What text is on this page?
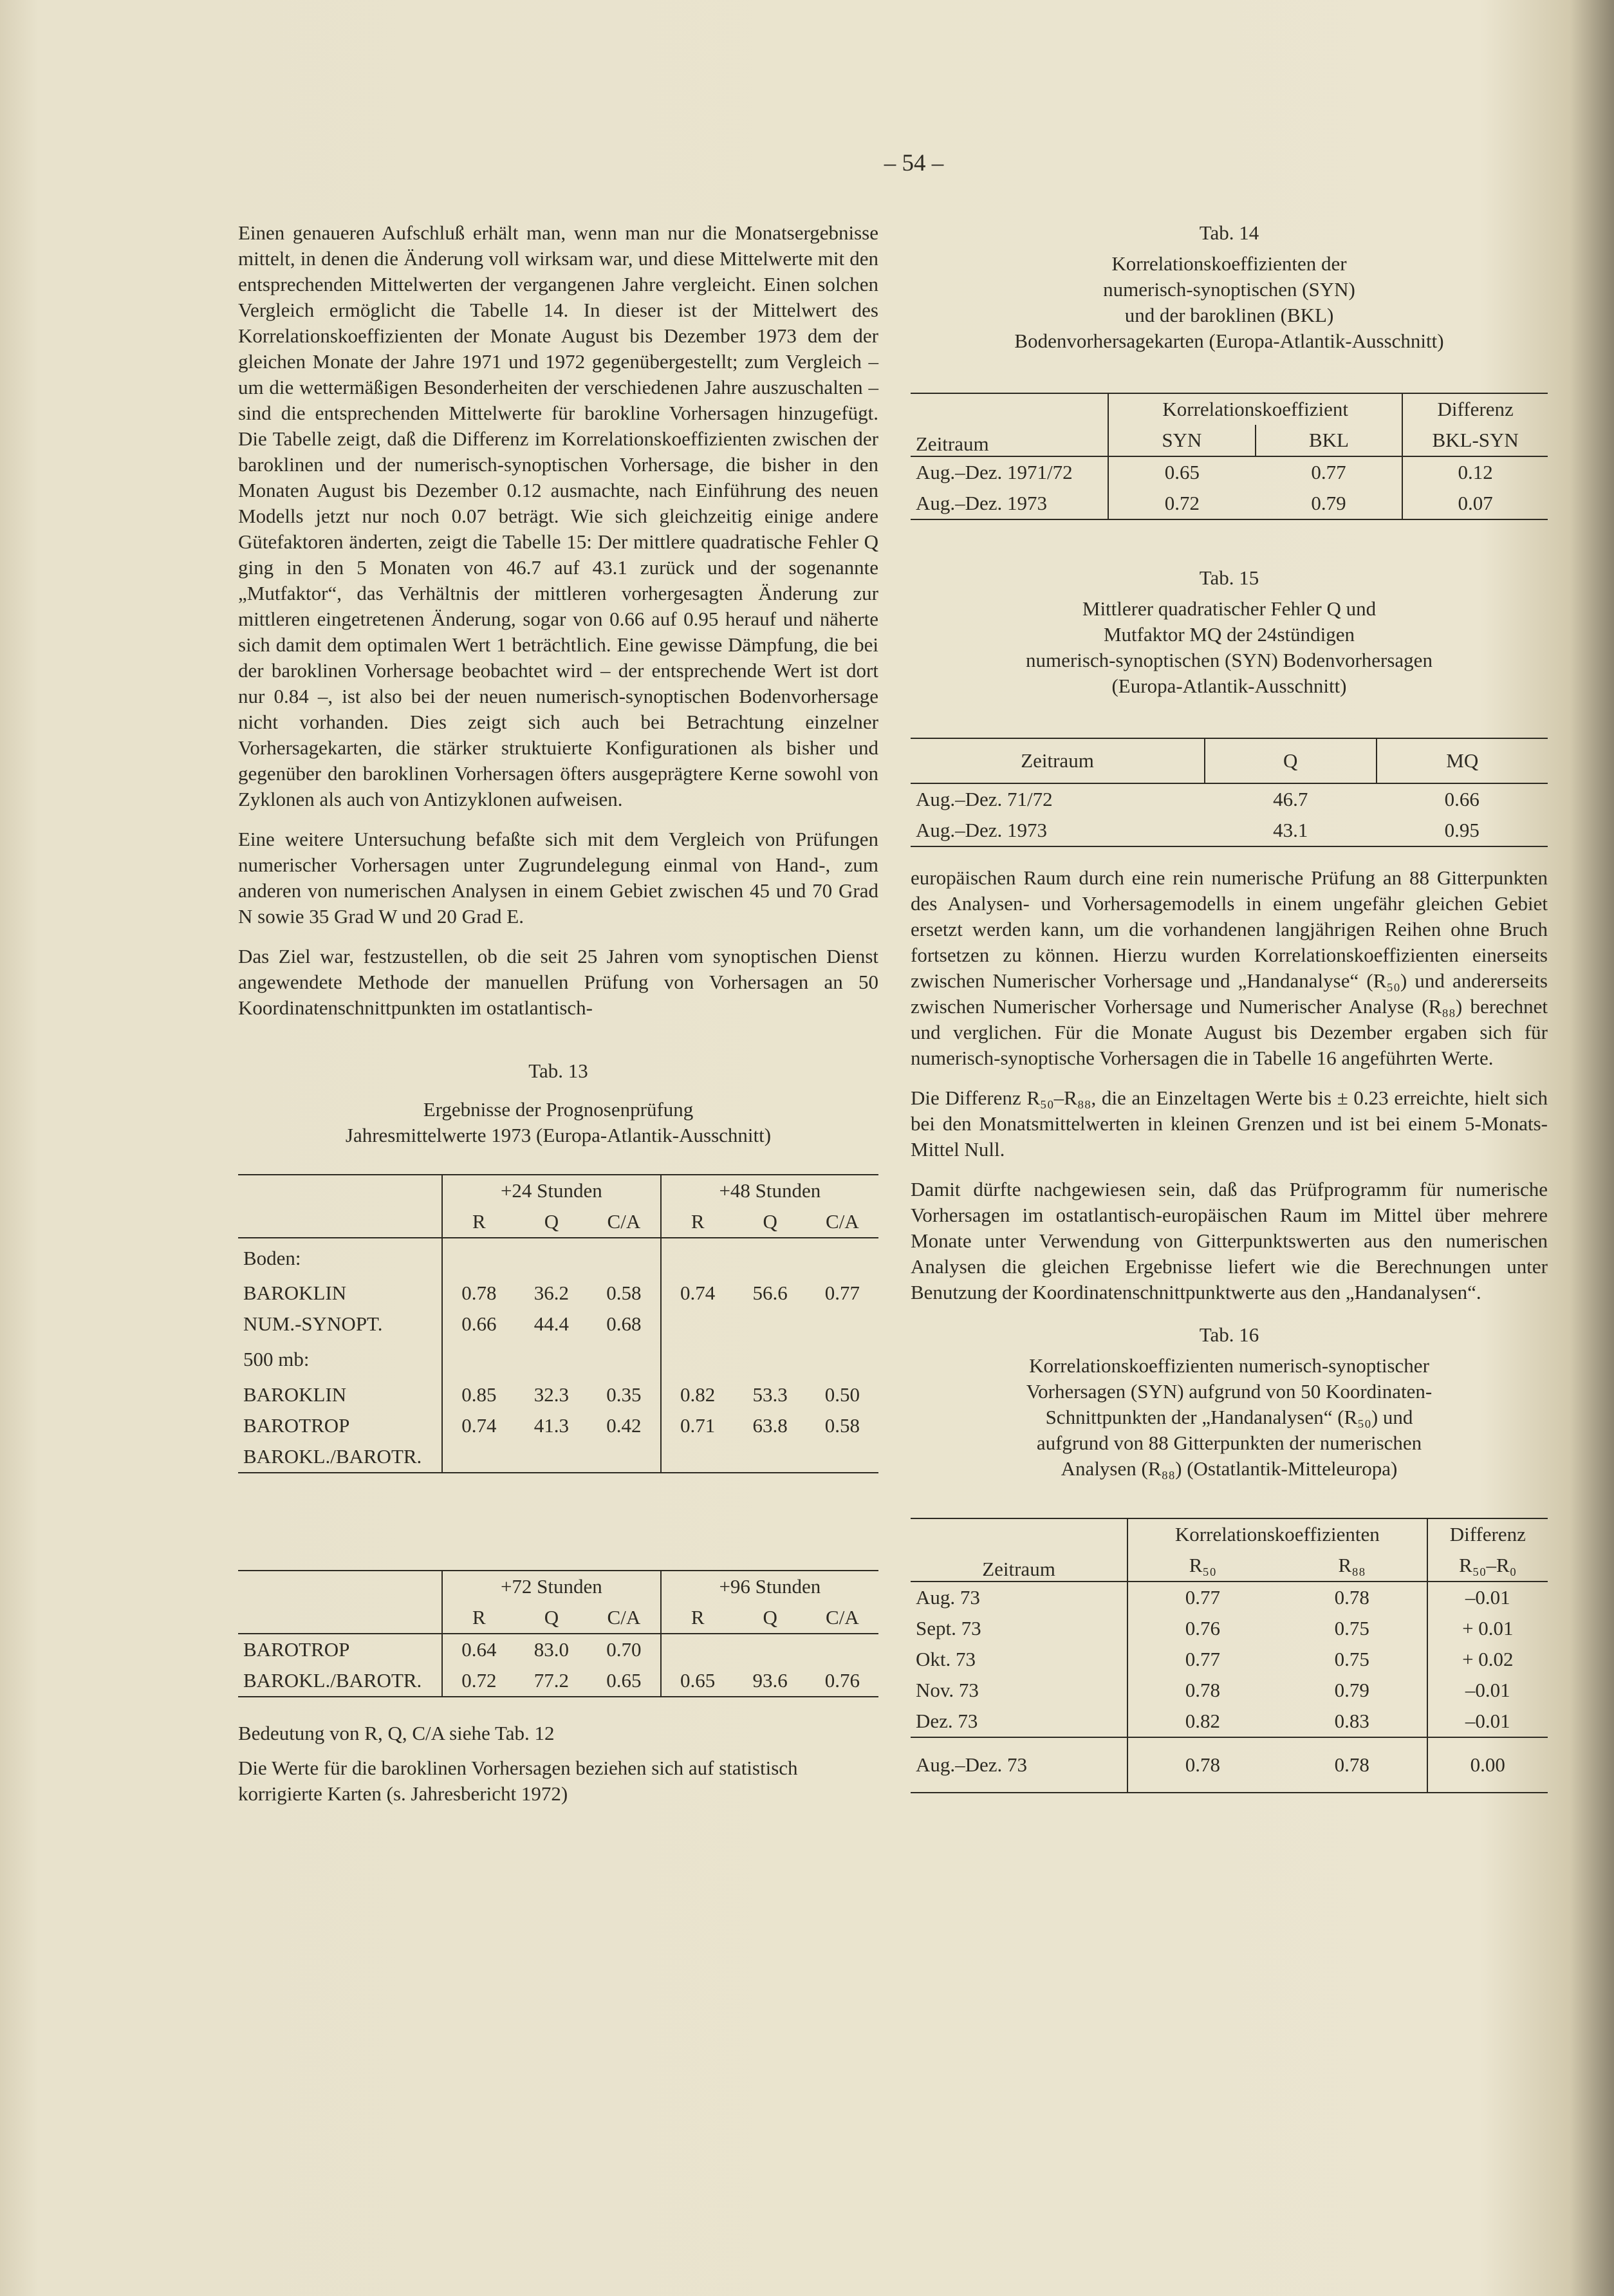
– 54 –

Einen genaueren Aufschluß erhält man, wenn man nur die Monatsergebnisse mittelt, in denen die Änderung voll wirksam war, und diese Mittelwerte mit den entsprechenden Mittelwerten der vergangenen Jahre vergleicht. Einen solchen Vergleich ermöglicht die Tabelle 14. In dieser ist der Mittelwert des Korrelationskoeffizienten der Monate August bis Dezember 1973 dem der gleichen Monate der Jahre 1971 und 1972 gegenübergestellt; zum Vergleich – um die wettermäßigen Besonderheiten der verschiedenen Jahre auszuschalten – sind die entsprechenden Mittelwerte für barokline Vorhersagen hinzugefügt. Die Tabelle zeigt, daß die Differenz im Korrelationskoeffizienten zwischen der baroklinen und der numerisch-synoptischen Vorhersage, die bisher in den Monaten August bis Dezember 0.12 ausmachte, nach Einführung des neuen Modells jetzt nur noch 0.07 beträgt. Wie sich gleichzeitig einige andere Gütefaktoren änderten, zeigt die Tabelle 15: Der mittlere quadratische Fehler Q ging in den 5 Monaten von 46.7 auf 43.1 zurück und der sogenannte „Mutfaktor“, das Verhältnis der mittleren vorhergesagten Änderung zur mittleren eingetretenen Änderung, sogar von 0.66 auf 0.95 herauf und näherte sich damit dem optimalen Wert 1 beträchtlich. Eine gewisse Dämpfung, die bei der baroklinen Vorhersage beobachtet wird – der entsprechende Wert ist dort nur 0.84 –, ist also bei der neuen numerisch-synoptischen Bodenvorhersage nicht vorhanden. Dies zeigt sich auch bei Betrachtung einzelner Vorhersagekarten, die stärker struktuierte Konfigurationen als bisher und gegenüber den baroklinen Vorhersagen öfters ausgeprägtere Kerne sowohl von Zyklonen als auch von Antizyklonen aufweisen.

Eine weitere Untersuchung befaßte sich mit dem Vergleich von Prüfungen numerischer Vorhersagen unter Zugrundelegung einmal von Hand-, zum anderen von numerischen Analysen in einem Gebiet zwischen 45 und 70 Grad N sowie 35 Grad W und 20 Grad E.

Das Ziel war, festzustellen, ob die seit 25 Jahren vom synoptischen Dienst angewendete Methode der manuellen Prüfung von Vorhersagen an 50 Koordinatenschnittpunkten im ostatlantisch-

Tab. 13

Ergebnisse der Prognosenprüfung

Jahresmittelwerte 1973 (Europa-Atlantik-Ausschnitt)

	+24 Stunden			+48 Stunden		
	R	Q	C/A	R	Q	C/A
Boden:						
BAROKLIN	0.78	36.2	0.58	0.74	56.6	0.77
NUM.-SYNOPT.	0.66	44.4	0.68			
500 mb:						
BAROKLIN	0.85	32.3	0.35	0.82	53.3	0.50
BAROTROP	0.74	41.3	0.42	0.71	63.8	0.58
BAROKL./BAROTR.						
	+72 Stunden			+96 Stunden		
	R	Q	C/A	R	Q	C/A
BAROTROP	0.64	83.0	0.70			
BAROKL./BAROTR.	0.72	77.2	0.65	0.65	93.6	0.76

Bedeutung von R, Q, C/A siehe Tab. 12

Die Werte für die baroklinen Vorhersagen beziehen sich auf statistisch korrigierte Karten (s. Jahresbericht 1972)

Tab. 14

Korrelationskoeffizienten der

numerisch-synoptischen (SYN)

und der baroklinen (BKL)

Bodenvorhersagekarten (Europa-Atlantik-Ausschnitt)

Zeitraum	Korrelationskoeffizient		Differenz
	SYN	BKL	BKL-SYN
Aug.–Dez. 1971/72	0.65	0.77	0.12
Aug.–Dez. 1973	0.72	0.79	0.07

Tab. 15

Mittlerer quadratischer Fehler Q und

Mutfaktor MQ der 24stündigen

numerisch-synoptischen (SYN) Bodenvorhersagen

(Europa-Atlantik-Ausschnitt)

Zeitraum	Q	MQ
Aug.–Dez. 71/72	46.7	0.66
Aug.–Dez. 1973	43.1	0.95

europäischen Raum durch eine rein numerische Prüfung an 88 Gitterpunkten des Analysen- und Vorhersagemodells in einem ungefähr gleichen Gebiet ersetzt werden kann, um die vorhandenen langjährigen Reihen ohne Bruch fortsetzen zu können. Hierzu wurden Korrelationskoeffizienten einerseits zwischen Numerischer Vorhersage und „Handanalyse“ (R₅₀) und andererseits zwischen Numerischer Vorhersage und Numerischer Analyse (R₈₈) berechnet und verglichen. Für die Monate August bis Dezember ergaben sich für numerisch-synoptische Vorhersagen die in Tabelle 16 angeführten Werte.

Die Differenz R₅₀–R₈₈, die an Einzeltagen Werte bis ± 0.23 erreichte, hielt sich bei den Monatsmittelwerten in kleinen Grenzen und ist bei einem 5-Monats-Mittel Null.

Damit dürfte nachgewiesen sein, daß das Prüfprogramm für numerische Vorhersagen im ostatlantisch-europäischen Raum im Mittel über mehrere Monate unter Verwendung von Gitterpunktswerten aus den numerischen Analysen die gleichen Ergebnisse liefert wie die Berechnungen unter Benutzung der Koordinatenschnittpunktwerte aus den „Handanalysen“.

Tab. 16

Korrelationskoeffizienten numerisch-synoptischer

Vorhersagen (SYN) aufgrund von 50 Koordinaten-

Schnittpunkten der „Handanalysen“ (R₅₀) und

aufgrund von 88 Gitterpunkten der numerischen

Analysen (R₈₈) (Ostatlantik-Mitteleuropa)

Zeitraum	Korrelationskoeffizienten		Differenz
	R₅₀	R₈₈	R₅₀–R₀
Aug. 73	0.77	0.78	–0.01
Sept. 73	0.76	0.75	+ 0.01
Okt. 73	0.77	0.75	+ 0.02
Nov. 73	0.78	0.79	–0.01
Dez. 73	0.82	0.83	–0.01
Aug.–Dez. 73	0.78	0.78	0.00
